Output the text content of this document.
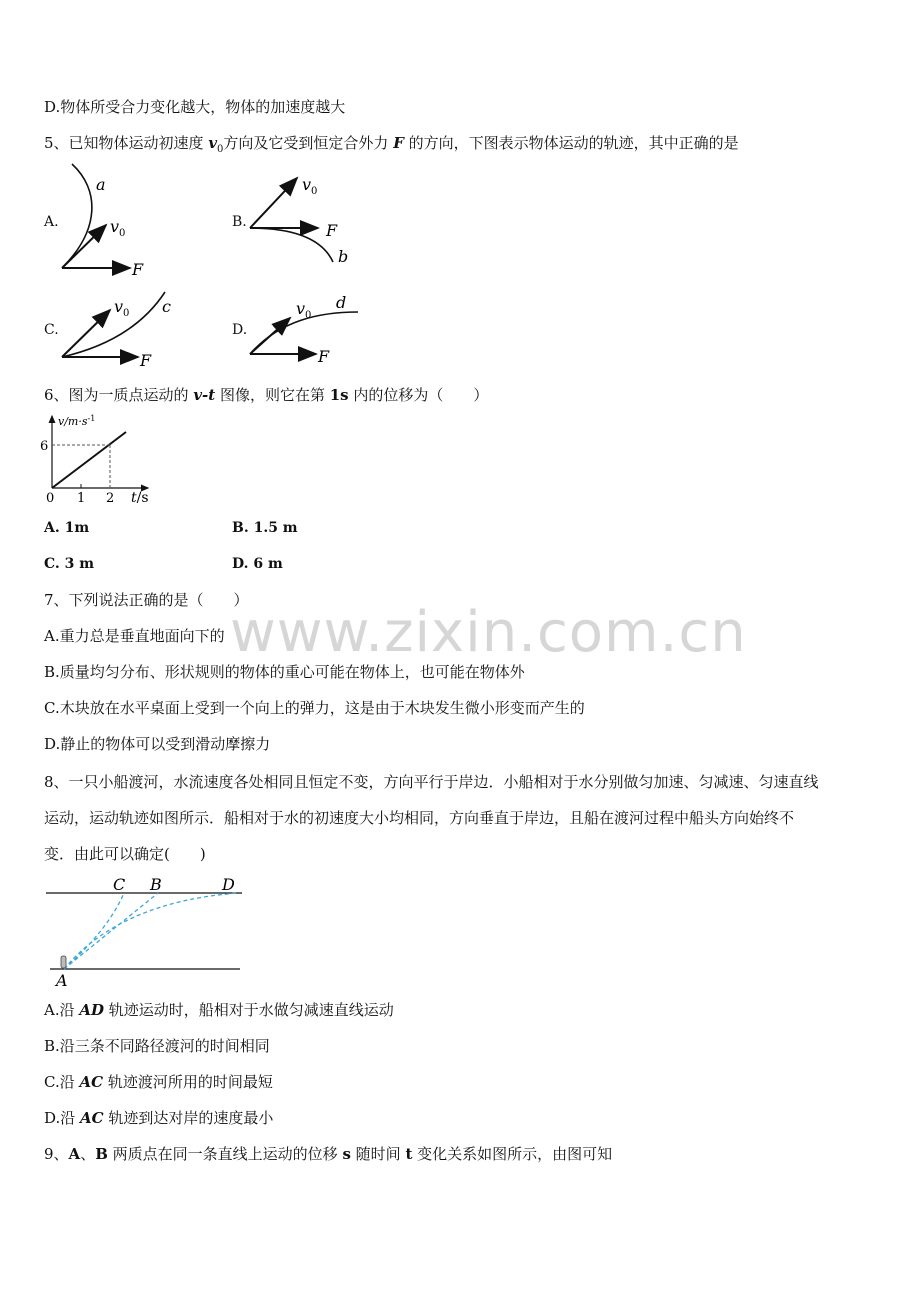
www.zixin.com.cn
D.物体所受合力变化越大，物体的加速度越大
5、已知物体运动初速度 $v_0$方向及它受到恒定合外力 F 的方向，下图表示物体运动的轨迹，其中正确的是
A.	B.
C.	D.
a
$v_0$
F
$v_0$
F
b
$v_0$ c
F
$v_0$
d
F
6、图为一质点运动的 v-t 图像，则它在第 1s 内的位移为（　　）
$v/m\cdot s^{-1}$
6
0 1 2 t/s
A. 1m	B. 1.5 m
C. 3 m	D. 6 m
7、下列说法正确的是（　　）
A.重力总是垂直地面向下的
B.质量均匀分布、形状规则的物体的重心可能在物体上，也可能在物体外
C.木块放在水平桌面上受到一个向上的弹力，这是由于木块发生微小形变而产生的
D.静止的物体可以受到滑动摩擦力
8、一只小船渡河，水流速度各处相同且恒定不变，方向平行于岸边．小船相对于水分别做匀加速、匀减速、匀速直线
运动，运动轨迹如图所示．船相对于水的初速度大小均相同，方向垂直于岸边，且船在渡河过程中船头方向始终不
变．由此可以确定(　　)
C B	D
A
A.沿 AD 轨迹运动时，船相对于水做匀减速直线运动
B.沿三条不同路径渡河的时间相同
C.沿 AC 轨迹渡河所用的时间最短
D.沿 AC 轨迹到达对岸的速度最小
9、A、B 两质点在同一条直线上运动的位移 s 随时间 t 变化关系如图所示，由图可知
